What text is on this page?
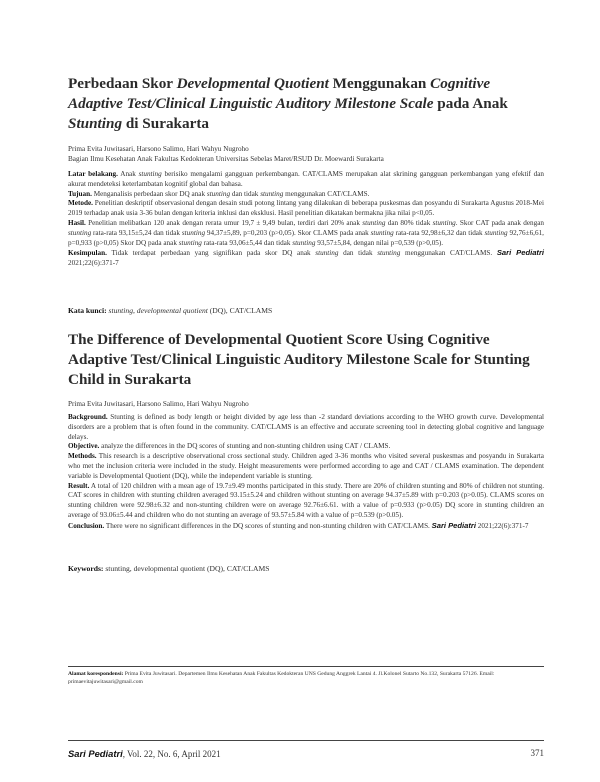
Perbedaan Skor Developmental Quotient Menggunakan Cognitive Adaptive Test/Clinical Linguistic Auditory Milestone Scale pada Anak Stunting di Surakarta

Prima Evita Juwitasari, Harsono Salimo, Hari Wahyu Nugroho

Bagian Ilmu Kesehatan Anak Fakultas Kedokteran Universitas Sebelas Maret/RSUD Dr. Moewardi Surakarta

Latar belakang. Anak stunting berisiko mengalami gangguan perkembangan. CAT/CLAMS merupakan alat skrining gangguan perkembangan yang efektif dan akurat mendeteksi keterlambatan kognitif global dan bahasa.

Tujuan. Menganalisis perbedaan skor DQ anak stunting dan tidak stunting menggunakan CAT/CLAMS.

Metode. Penelitian deskriptif observasional dengan desain studi potong lintang yang dilakukan di beberapa puskesmas dan posyandu di Surakarta Agustus 2018-Mei 2019 terhadap anak usia 3-36 bulan dengan kriteria inklusi dan eksklusi. Hasil penelitian dikatakan bermakna jika nilai p<0,05.

Hasil. Penelitian melibatkan 120 anak dengan rerata umur 19,7 ± 9,49 bulan, terdiri dari 20% anak stunting dan 80% tidak stunting. Skor CAT pada anak dengan stunting rata-rata 93,15±5,24 dan tidak stunting 94,37±5,89, p=0,203 (p>0,05). Skor CLAMS pada anak stunting rata-rata 92,98±6,32 dan tidak stunting 92,76±6,61, p=0,933 (p>0,05) Skor DQ pada anak stunting rata-rata 93,06±5,44 dan tidak stunting 93,57±5,84, dengan nilai p=0,539 (p>0,05).

Kesimpulan. Tidak terdapat perbedaan yang signifikan pada skor DQ anak stunting dan tidak stunting menggunakan CAT/CLAMS. Sari Pediatri 2021;22(6):371-7

Kata kunci: stunting, developmental quotient (DQ), CAT/CLAMS

The Difference of Developmental Quotient Score Using Cognitive Adaptive Test/Clinical Linguistic Auditory Milestone Scale for Stunting Child in Surakarta

Prima Evita Juwitasari, Harsono Salimo, Hari Wahyu Nugroho

Background. Stunting is defined as body length or height divided by age less than -2 standard deviations according to the WHO growth curve. Developmental disorders are a problem that is often found in the community. CAT/CLAMS is an effective and accurate screening tool in detecting global cognitive and language delays.

Objective. analyze the differences in the DQ scores of stunting and non-stunting children using CAT / CLAMS.

Methods. This research is a descriptive observational cross sectional study. Children aged 3-36 months who visited several puskesmas and posyandu in Surakarta who met the inclusion criteria were included in the study. Height measurements were performed according to age and CAT / CLAMS examination. The dependent variable is Developmental Quotient (DQ), while the independent variable is stunting.

Result. A total of 120 children with a mean age of 19.7±9.49 months participated in this study. There are 20% of children stunting and 80% of children not stunting. CAT scores in children with stunting children averaged 93.15±5.24 and children without stunting on average 94.37±5.89 with p=0.203 (p>0.05). CLAMS scores on stunting children were 92.98±6.32 and non-stunting children were on average 92.76±6.61. with a value of p=0.933 (p>0.05) DQ score in stunting children an average of 93.06±5.44 and children who do not stunting an average of 93.57±5.84 with a value of p=0.539 (p>0.05).

Conclusion. There were no significant differences in the DQ scores of stunting and non-stunting children with CAT/CLAMS. Sari Pediatri 2021;22(6):371-7

Keywords: stunting, developmental quotient (DQ), CAT/CLAMS

Alamat korespondensi: Prima Evita Juwitasari. Departemen Ilmu Kesehatan Anak Fakultas Kedokteran UNS Gedung Anggrek Lantai 4. Jl.Kolonel Sutarto No.132, Surakarta 57126. Email: primaevitajuwitasari@gmail.com
Sari Pediatri, Vol. 22, No. 6, April 2021	371
